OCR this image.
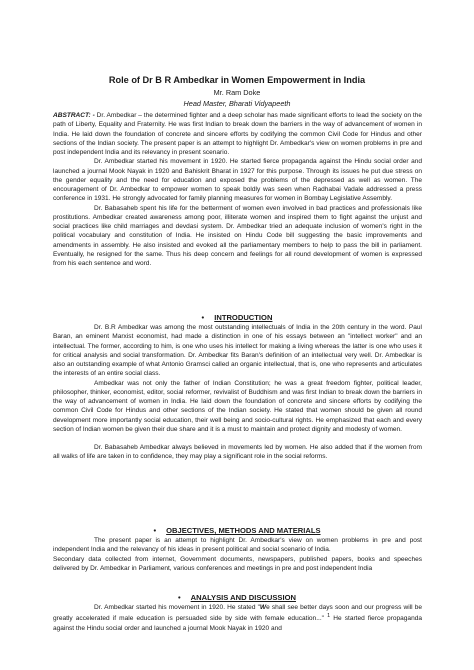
Role of Dr B R Ambedkar in Women Empowerment in India
Mr. Ram Doke
Head Master, Bharati Vidyapeeth

ABSTRACT: - Dr. Ambedkar – the determined fighter and a deep scholar has made significant efforts to lead the society on the path of Liberty, Equality and Fraternity. He was first Indian to break down the barriers in the way of advancement of women in India. He laid down the foundation of concrete and sincere efforts by codifying the common Civil Code for Hindus and other sections of the Indian society. The present paper is an attempt to highlight Dr. Ambedkar's view on women problems in pre and post independent India and its relevancy in present scenario.

Dr. Ambedkar started his movement in 1920. He started fierce propaganda against the Hindu social order and launched a journal Mook Nayak in 1920 and Bahiskrit Bharat in 1927 for this purpose. Through its issues he put due stress on the gender equality and the need for education and exposed the problems of the depressed as well as women. The encouragement of Dr. Ambedkar to empower women to speak boldly was seen when Radhabai Vadale addressed a press conference in 1931. He strongly advocated for family planning measures for women in Bombay Legislative Assembly.

Dr. Babasaheb spent his life for the betterment of women even involved in bad practices and professionals like prostitutions. Ambedkar created awareness among poor, illiterate women and inspired them to fight against the unjust and social practices like child marriages and devdasi system. Dr. Ambedkar tried an adequate inclusion of women's right in the political vocabulary and constitution of India. He insisted on Hindu Code bill suggesting the basic improvements and amendments in assembly. He also insisted and evoked all the parliamentary members to help to pass the bill in parliament. Eventually, he resigned for the same. Thus his deep concern and feelings for all round development of women is expressed from his each sentence and word.

• INTRODUCTION

Dr. B.R Ambedkar was among the most outstanding intellectuals of India in the 20th century in the word. Paul Baran, an eminent Marxist economist, had made a distinction in one of his essays between an "intellect worker" and an intellectual. The former, according to him, is one who uses his intellect for making a living whereas the latter is one who uses it for critical analysis and social transformation. Dr. Ambedkar fits Baran's definition of an intellectual very well. Dr. Ambedkar is also an outstanding example of what Antonio Gramsci called an organic intellectual, that is, one who represents and articulates the interests of an entire social class.

Ambedkar was not only the father of Indian Constitution; he was a great freedom fighter, political leader, philosopher, thinker, economist, editor, social reformer, revivalist of Buddhism and was first Indian to break down the barriers in the way of advancement of women in India. He laid down the foundation of concrete and sincere efforts by codifying the common Civil Code for Hindus and other sections of the Indian society. He stated that women should be given all round development more importantly social education, their well being and socio-cultural rights. He emphasized that each and every section of Indian women be given their due share and it is a must to maintain and protect dignity and modesty of women.

Dr. Babasaheb Ambedkar always believed in movements led by women. He also added that if the women from all walks of life are taken in to confidence, they may play a significant role in the social reforms.

• OBJECTIVES, METHODS AND MATERIALS

The present paper is an attempt to highlight Dr. Ambedkar's view on women problems in pre and post independent India and the relevancy of his ideas in present political and social scenario of India.

Secondary data collected from internet, Government documents, newspapers, published papers, books and speeches delivered by Dr. Ambedkar in Parliament, various conferences and meetings in pre and post independent India

• ANALYSIS AND DISCUSSION

Dr. Ambedkar started his movement in 1920. He stated "We shall see better days soon and our progress will be greatly accelerated if male education is persuaded side by side with female education..." $^1$ He started fierce propaganda against the Hindu social order and launched a journal Mook Nayak in 1920 and
